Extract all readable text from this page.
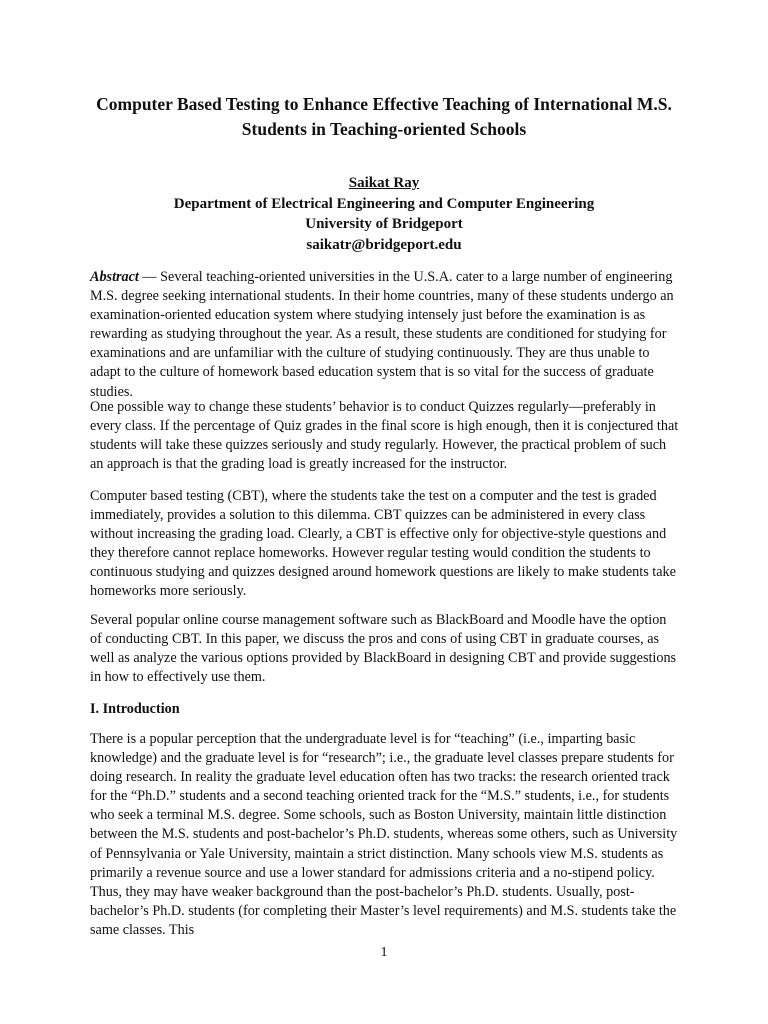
Computer Based Testing to Enhance Effective Teaching of International M.S.
Students in Teaching-oriented Schools
Saikat Ray
Department of Electrical Engineering and Computer Engineering
University of Bridgeport
saikatr@bridgeport.edu

Abstract — Several teaching-oriented universities in the U.S.A. cater to a large number of engineering M.S. degree seeking international students. In their home countries, many of these students undergo an examination-oriented education system where studying intensely just before the examination is as rewarding as studying throughout the year. As a result, these students are conditioned for studying for examinations and are unfamiliar with the culture of studying continuously. They are thus unable to adapt to the culture of homework based education system that is so vital for the success of graduate studies.

One possible way to change these students’ behavior is to conduct Quizzes regularly—preferably in every class. If the percentage of Quiz grades in the final score is high enough, then it is conjectured that students will take these quizzes seriously and study regularly. However, the practical problem of such an approach is that the grading load is greatly increased for the instructor.

Computer based testing (CBT), where the students take the test on a computer and the test is graded immediately, provides a solution to this dilemma. CBT quizzes can be administered in every class without increasing the grading load. Clearly, a CBT is effective only for objective-style questions and they therefore cannot replace homeworks. However regular testing would condition the students to continuous studying and quizzes designed around homework questions are likely to make students take homeworks more seriously.

Several popular online course management software such as BlackBoard and Moodle have the option of conducting CBT. In this paper, we discuss the pros and cons of using CBT in graduate courses, as well as analyze the various options provided by BlackBoard in designing CBT and provide suggestions in how to effectively use them.

I. Introduction

There is a popular perception that the undergraduate level is for “teaching” (i.e., imparting basic knowledge) and the graduate level is for “research”; i.e., the graduate level classes prepare students for doing research. In reality the graduate level education often has two tracks: the research oriented track for the “Ph.D.” students and a second teaching oriented track for the “M.S.” students, i.e., for students who seek a terminal M.S. degree. Some schools, such as Boston University, maintain little distinction between the M.S. students and post-bachelor’s Ph.D. students, whereas some others, such as University of Pennsylvania or Yale University, maintain a strict distinction. Many schools view M.S. students as primarily a revenue source and use a lower standard for admissions criteria and a no-stipend policy. Thus, they may have weaker background than the post-bachelor’s Ph.D. students. Usually, post-bachelor’s Ph.D. students (for completing their Master’s level requirements) and M.S. students take the same classes. This

1
